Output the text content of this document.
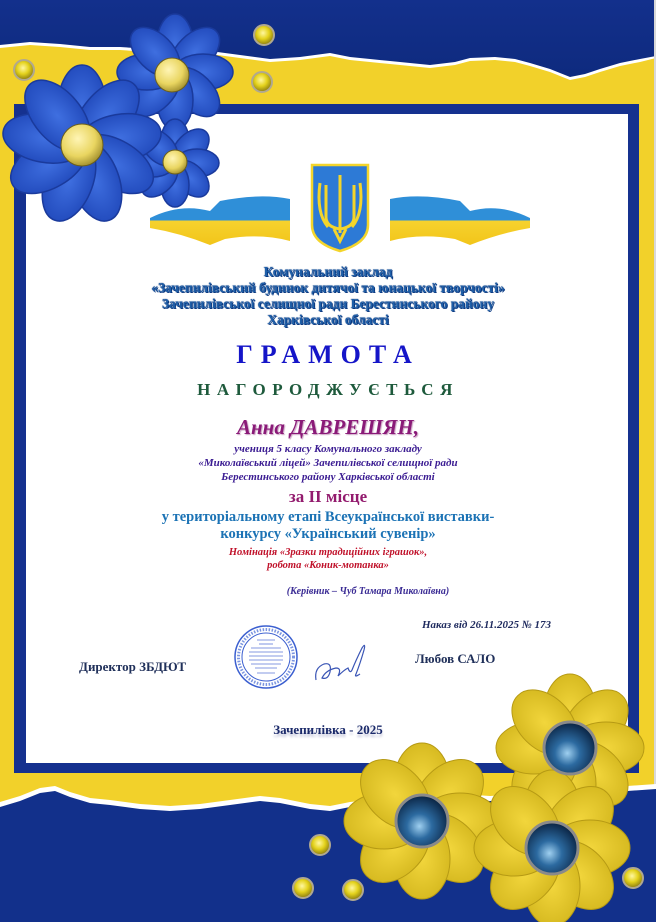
Комунальний заклад
«Зачепилівський будинок дитячої та юнацької творчості»
Зачепилівської селищної ради Берестинського району
Харківської області
ГРАМОТА
НАГОРОДЖУЄТЬСЯ
Анна ДАВРЕШЯН,
учениця 5 класу Комунального закладу
«Миколаївський ліцей» Зачепилівської селищної ради
Берестинського району Харківської області
за ІІ місце
у територіальному етапі Всеукраїнської виставки-
конкурсу «Український сувенір»
Номінація «Зразки традиційних іграшок»,
робота «Коник-мотанка»
(Керівник – Чуб Тамара Миколаївна)
Наказ від 26.11.2025 № 173
Директор ЗБДЮТ
Любов САЛО
Зачепилівка - 2025
